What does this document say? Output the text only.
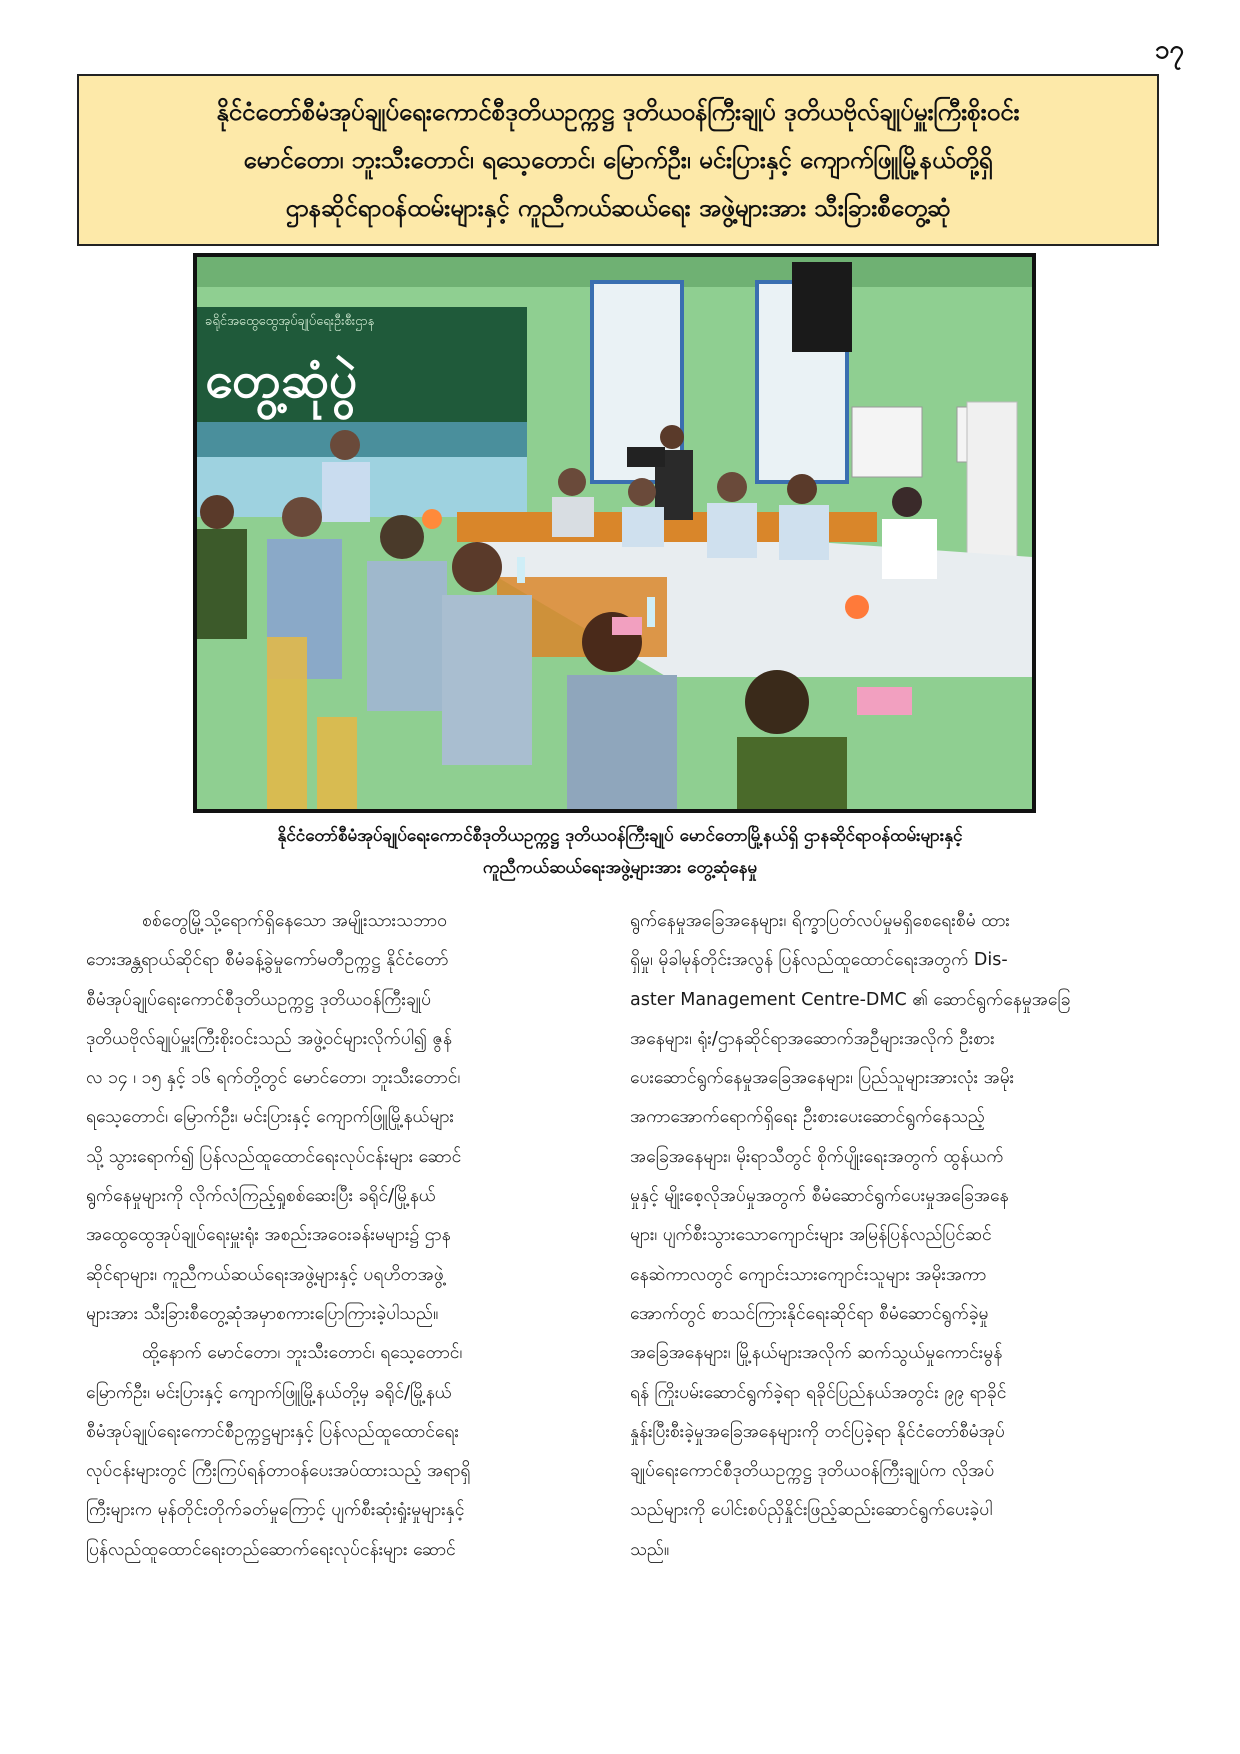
၁၇
နိုင်ငံတော်စီမံအုပ်ချုပ်ရေးကောင်စီဒုတိယဥက္ကဋ္ဌ ဒုတိယဝန်ကြီးချုပ် ဒုတိယဗိုလ်ချုပ်မှူးကြီးစိုးဝင်း
မောင်တော၊ ဘူးသီးတောင်၊ ရသေ့တောင်၊ မြောက်ဦး၊ မင်းပြားနှင့် ကျောက်ဖြူမြို့နယ်တို့ရှိ
ဌာနဆိုင်ရာဝန်ထမ်းများနှင့် ကူညီကယ်ဆယ်ရေး အဖွဲ့များအား သီးခြားစီတွေ့ဆုံ
ခရိုင်အထွေထွေအုပ်ချုပ်ရေးဦးစီးဌာန
တွေ့ဆုံပွဲ
နိုင်ငံတော်စီမံအုပ်ချုပ်ရေးကောင်စီဒုတိယဥက္ကဋ္ဌ ဒုတိယဝန်ကြီးချုပ် မောင်တောမြို့နယ်ရှိ ဌာနဆိုင်ရာဝန်ထမ်းများနှင့်
ကူညီကယ်ဆယ်ရေးအဖွဲ့များအား တွေ့ဆုံနေမှု
စစ်တွေမြို့သို့ရောက်ရှိနေသော အမျိုးသားသဘာဝ
ဘေးအန္တရာယ်ဆိုင်ရာ စီမံခန့်ခွဲမှုကော်မတီဥက္ကဋ္ဌ နိုင်ငံတော်
စီမံအုပ်ချုပ်ရေးကောင်စီဒုတိယဥက္ကဋ္ဌ ဒုတိယဝန်ကြီးချုပ်
ဒုတိယဗိုလ်ချုပ်မှူးကြီးစိုးဝင်းသည် အဖွဲ့ဝင်များလိုက်ပါ၍ ဇွန်
လ ၁၄ ၊ ၁၅ နှင့် ၁၆ ရက်တို့တွင် မောင်တော၊ ဘူးသီးတောင်၊
ရသေ့တောင်၊ မြောက်ဦး၊ မင်းပြားနှင့် ကျောက်ဖြူမြို့နယ်များ
သို့ သွားရောက်၍ ပြန်လည်ထူထောင်ရေးလုပ်ငန်းများ ဆောင်
ရွက်နေမှုများကို လိုက်လံကြည့်ရှုစစ်ဆေးပြီး ခရိုင်/မြို့နယ်
အထွေထွေအုပ်ချုပ်ရေးမှူးရုံး အစည်းအဝေးခန်းမများ၌ ဌာန
ဆိုင်ရာများ၊ ကူညီကယ်ဆယ်ရေးအဖွဲ့များနှင့် ပရဟိတအဖွဲ့
များအား သီးခြားစီတွေ့ဆုံအမှာစကားပြောကြားခဲ့ပါသည်။
ထို့နောက် မောင်တော၊ ဘူးသီးတောင်၊ ရသေ့တောင်၊
မြောက်ဦး၊ မင်းပြားနှင့် ကျောက်ဖြူမြို့နယ်တို့မှ ခရိုင်/မြို့နယ်
စီမံအုပ်ချုပ်ရေးကောင်စီဥက္ကဋ္ဌများနှင့် ပြန်လည်ထူထောင်ရေး
လုပ်ငန်းများတွင် ကြီးကြပ်ရန်တာဝန်ပေးအပ်ထားသည့် အရာရှိ
ကြီးများက မုန်တိုင်းတိုက်ခတ်မှုကြောင့် ပျက်စီးဆုံးရှုံးမှုများနှင့်
ပြန်လည်ထူထောင်ရေးတည်ဆောက်ရေးလုပ်ငန်းများ ဆောင်
ရွက်နေမှုအခြေအနေများ၊ ရိက္ခာပြတ်လပ်မှုမရှိစေရေးစီမံ ထား
ရှိမှု၊ မိုခါမုန်တိုင်းအလွန် ပြန်လည်ထူထောင်ရေးအတွက် Dis-
aster Management Centre-DMC ၏ ဆောင်ရွက်နေမှုအခြေ
အနေများ၊ ရုံး/ဌာနဆိုင်ရာအဆောက်အဦများအလိုက် ဦးစား
ပေးဆောင်ရွက်နေမှုအခြေအနေများ၊ ပြည်သူများအားလုံး အမိုး
အကာအောက်ရောက်ရှိရေး ဦးစားပေးဆောင်ရွက်နေသည့်
အခြေအနေများ၊ မိုးရာသီတွင် စိုက်ပျိုးရေးအတွက် ထွန်ယက်
မှုနှင့် မျိုးစေ့လိုအပ်မှုအတွက် စီမံဆောင်ရွက်ပေးမှုအခြေအနေ
များ၊ ပျက်စီးသွားသောကျောင်းများ အမြန်ပြန်လည်ပြင်ဆင်
နေဆဲကာလတွင် ကျောင်းသားကျောင်းသူများ အမိုးအကာ
အောက်တွင် စာသင်ကြားနိုင်ရေးဆိုင်ရာ စီမံဆောင်ရွက်ခဲ့မှု
အခြေအနေများ၊ မြို့နယ်များအလိုက် ဆက်သွယ်မှုကောင်းမွန်
ရန် ကြိုးပမ်းဆောင်ရွက်ခဲ့ရာ ရခိုင်ပြည်နယ်အတွင်း ၉၉ ရာခိုင်
နှုန်းပြီးစီးခဲ့မှုအခြေအနေများကို တင်ပြခဲ့ရာ နိုင်ငံတော်စီမံအုပ်
ချုပ်ရေးကောင်စီဒုတိယဥက္ကဋ္ဌ ဒုတိယဝန်ကြီးချုပ်က လိုအပ်
သည်များကို ပေါင်းစပ်ညှိနှိုင်းဖြည့်ဆည်းဆောင်ရွက်ပေးခဲ့ပါ
သည်။
